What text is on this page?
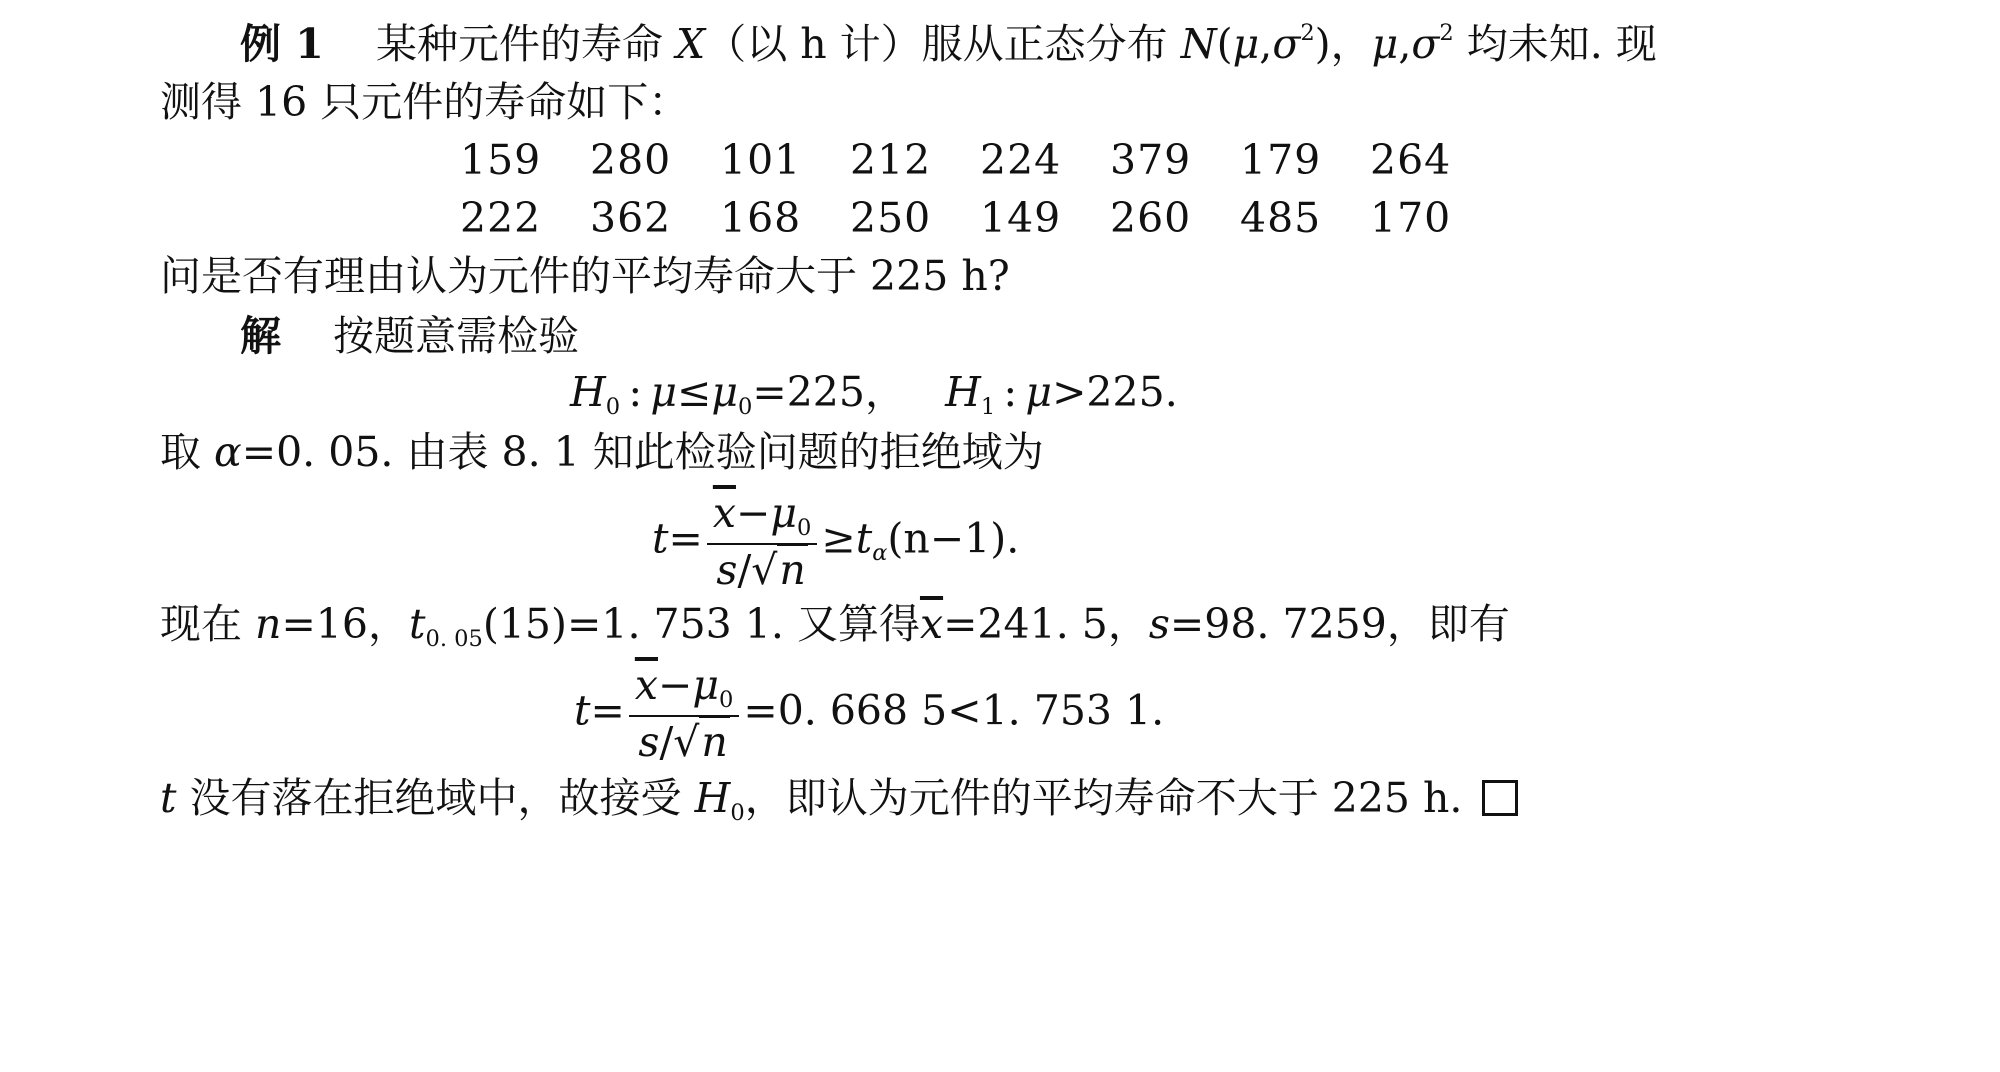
例 1 某种元件的寿命 X（以 h 计）服从正态分布 $N(\mu,\sigma^2)$，$\mu,\sigma^2$ 均未知. 现
测得 16 只元件的寿命如下：
159 280 101 212 224 379 179 264
222 362 168 250 149 260 485 170
问是否有理由认为元件的平均寿命大于 225 h?
解 按题意需检验
$H_0$ : $\mu\le\mu_0=225$， $H_1$ : μ>225.
取 α=0. 05. 由表 8. 1 知此检验问题的拒绝域为
$t= \frac{\overline{x}-\mu_0}{s/√n} \ge t_\alpha(n-1)$.
现在 n=16，$t_{0. 05}(15)=1$. 753 1. 又算得$\overline{x}=241$. 5，s=98. 7259，即有
$t= \frac{\overline{x}-\mu_0}{s/√n} =0$. 668 5<1. 753 1.
t 没有落在拒绝域中，故接受 $H_0$，即认为元件的平均寿命不大于 225 h.
